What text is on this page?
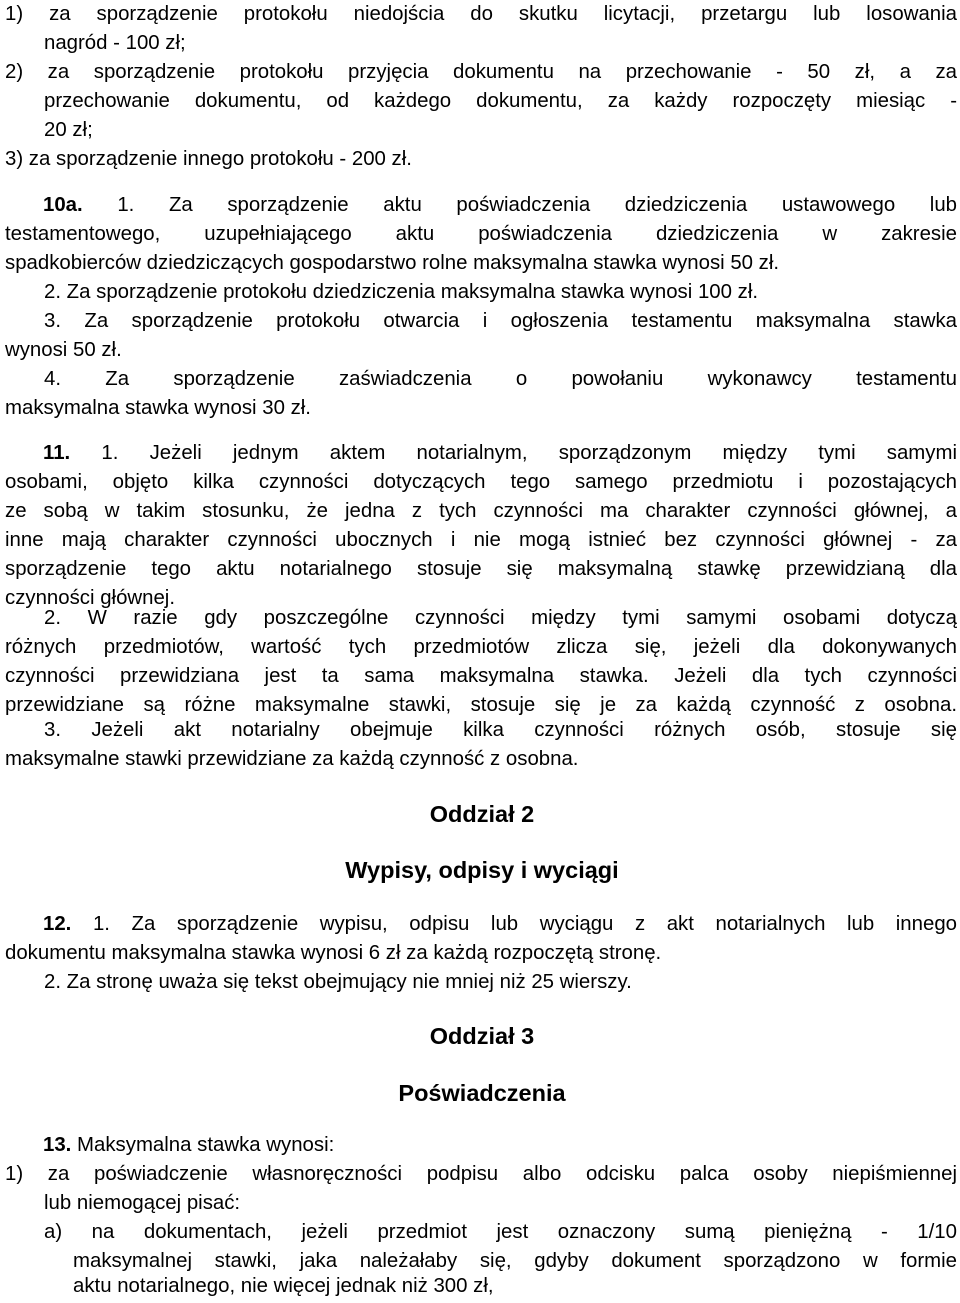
1) za sporządzenie protokołu niedojścia do skutku licytacji, przetargu lub losowania

nagród - 100 zł;

2) za sporządzenie protokołu przyjęcia dokumentu na przechowanie - 50 zł, a za

przechowanie dokumentu, od każdego dokumentu, za każdy rozpoczęty miesiąc -

20 zł;

3) za sporządzenie innego protokołu - 200 zł.

10a. 1. Za sporządzenie aktu poświadczenia dziedziczenia ustawowego lub

testamentowego, uzupełniającego aktu poświadczenia dziedziczenia w zakresie

spadkobierców dziedziczących gospodarstwo rolne maksymalna stawka wynosi 50 zł.

2. Za sporządzenie protokołu dziedziczenia maksymalna stawka wynosi 100 zł.

3. Za sporządzenie protokołu otwarcia i ogłoszenia testamentu maksymalna stawka

wynosi 50 zł.

4. Za sporządzenie zaświadczenia o powołaniu wykonawcy testamentu

maksymalna stawka wynosi 30 zł.

11. 1. Jeżeli jednym aktem notarialnym, sporządzonym między tymi samymi

osobami, objęto kilka czynności dotyczących tego samego przedmiotu i pozostających

ze sobą w takim stosunku, że jedna z tych czynności ma charakter czynności głównej, a

inne mają charakter czynności ubocznych i nie mogą istnieć bez czynności głównej - za

sporządzenie tego aktu notarialnego stosuje się maksymalną stawkę przewidzianą dla

czynności głównej.

2. W razie gdy poszczególne czynności między tymi samymi osobami dotyczą

różnych przedmiotów, wartość tych przedmiotów zlicza się, jeżeli dla dokonywanych

czynności przewidziana jest ta sama maksymalna stawka. Jeżeli dla tych czynności

przewidziane są różne maksymalne stawki, stosuje się je za każdą czynność z osobna.

3. Jeżeli akt notarialny obejmuje kilka czynności różnych osób, stosuje się

maksymalne stawki przewidziane za każdą czynność z osobna.

Oddział 2
Wypisy, odpisy i wyciągi

12. 1. Za sporządzenie wypisu, odpisu lub wyciągu z akt notarialnych lub innego

dokumentu maksymalna stawka wynosi 6 zł za każdą rozpoczętą stronę.

2. Za stronę uważa się tekst obejmujący nie mniej niż 25 wierszy.

Oddział 3
Poświadczenia

13. Maksymalna stawka wynosi:

1) za poświadczenie własnoręczności podpisu albo odcisku palca osoby niepiśmiennej

lub niemogącej pisać:

a) na dokumentach, jeżeli przedmiot jest oznaczony sumą pieniężną - 1/10

maksymalnej stawki, jaka należałaby się, gdyby dokument sporządzono w formie

aktu notarialnego, nie więcej jednak niż 300 zł,
